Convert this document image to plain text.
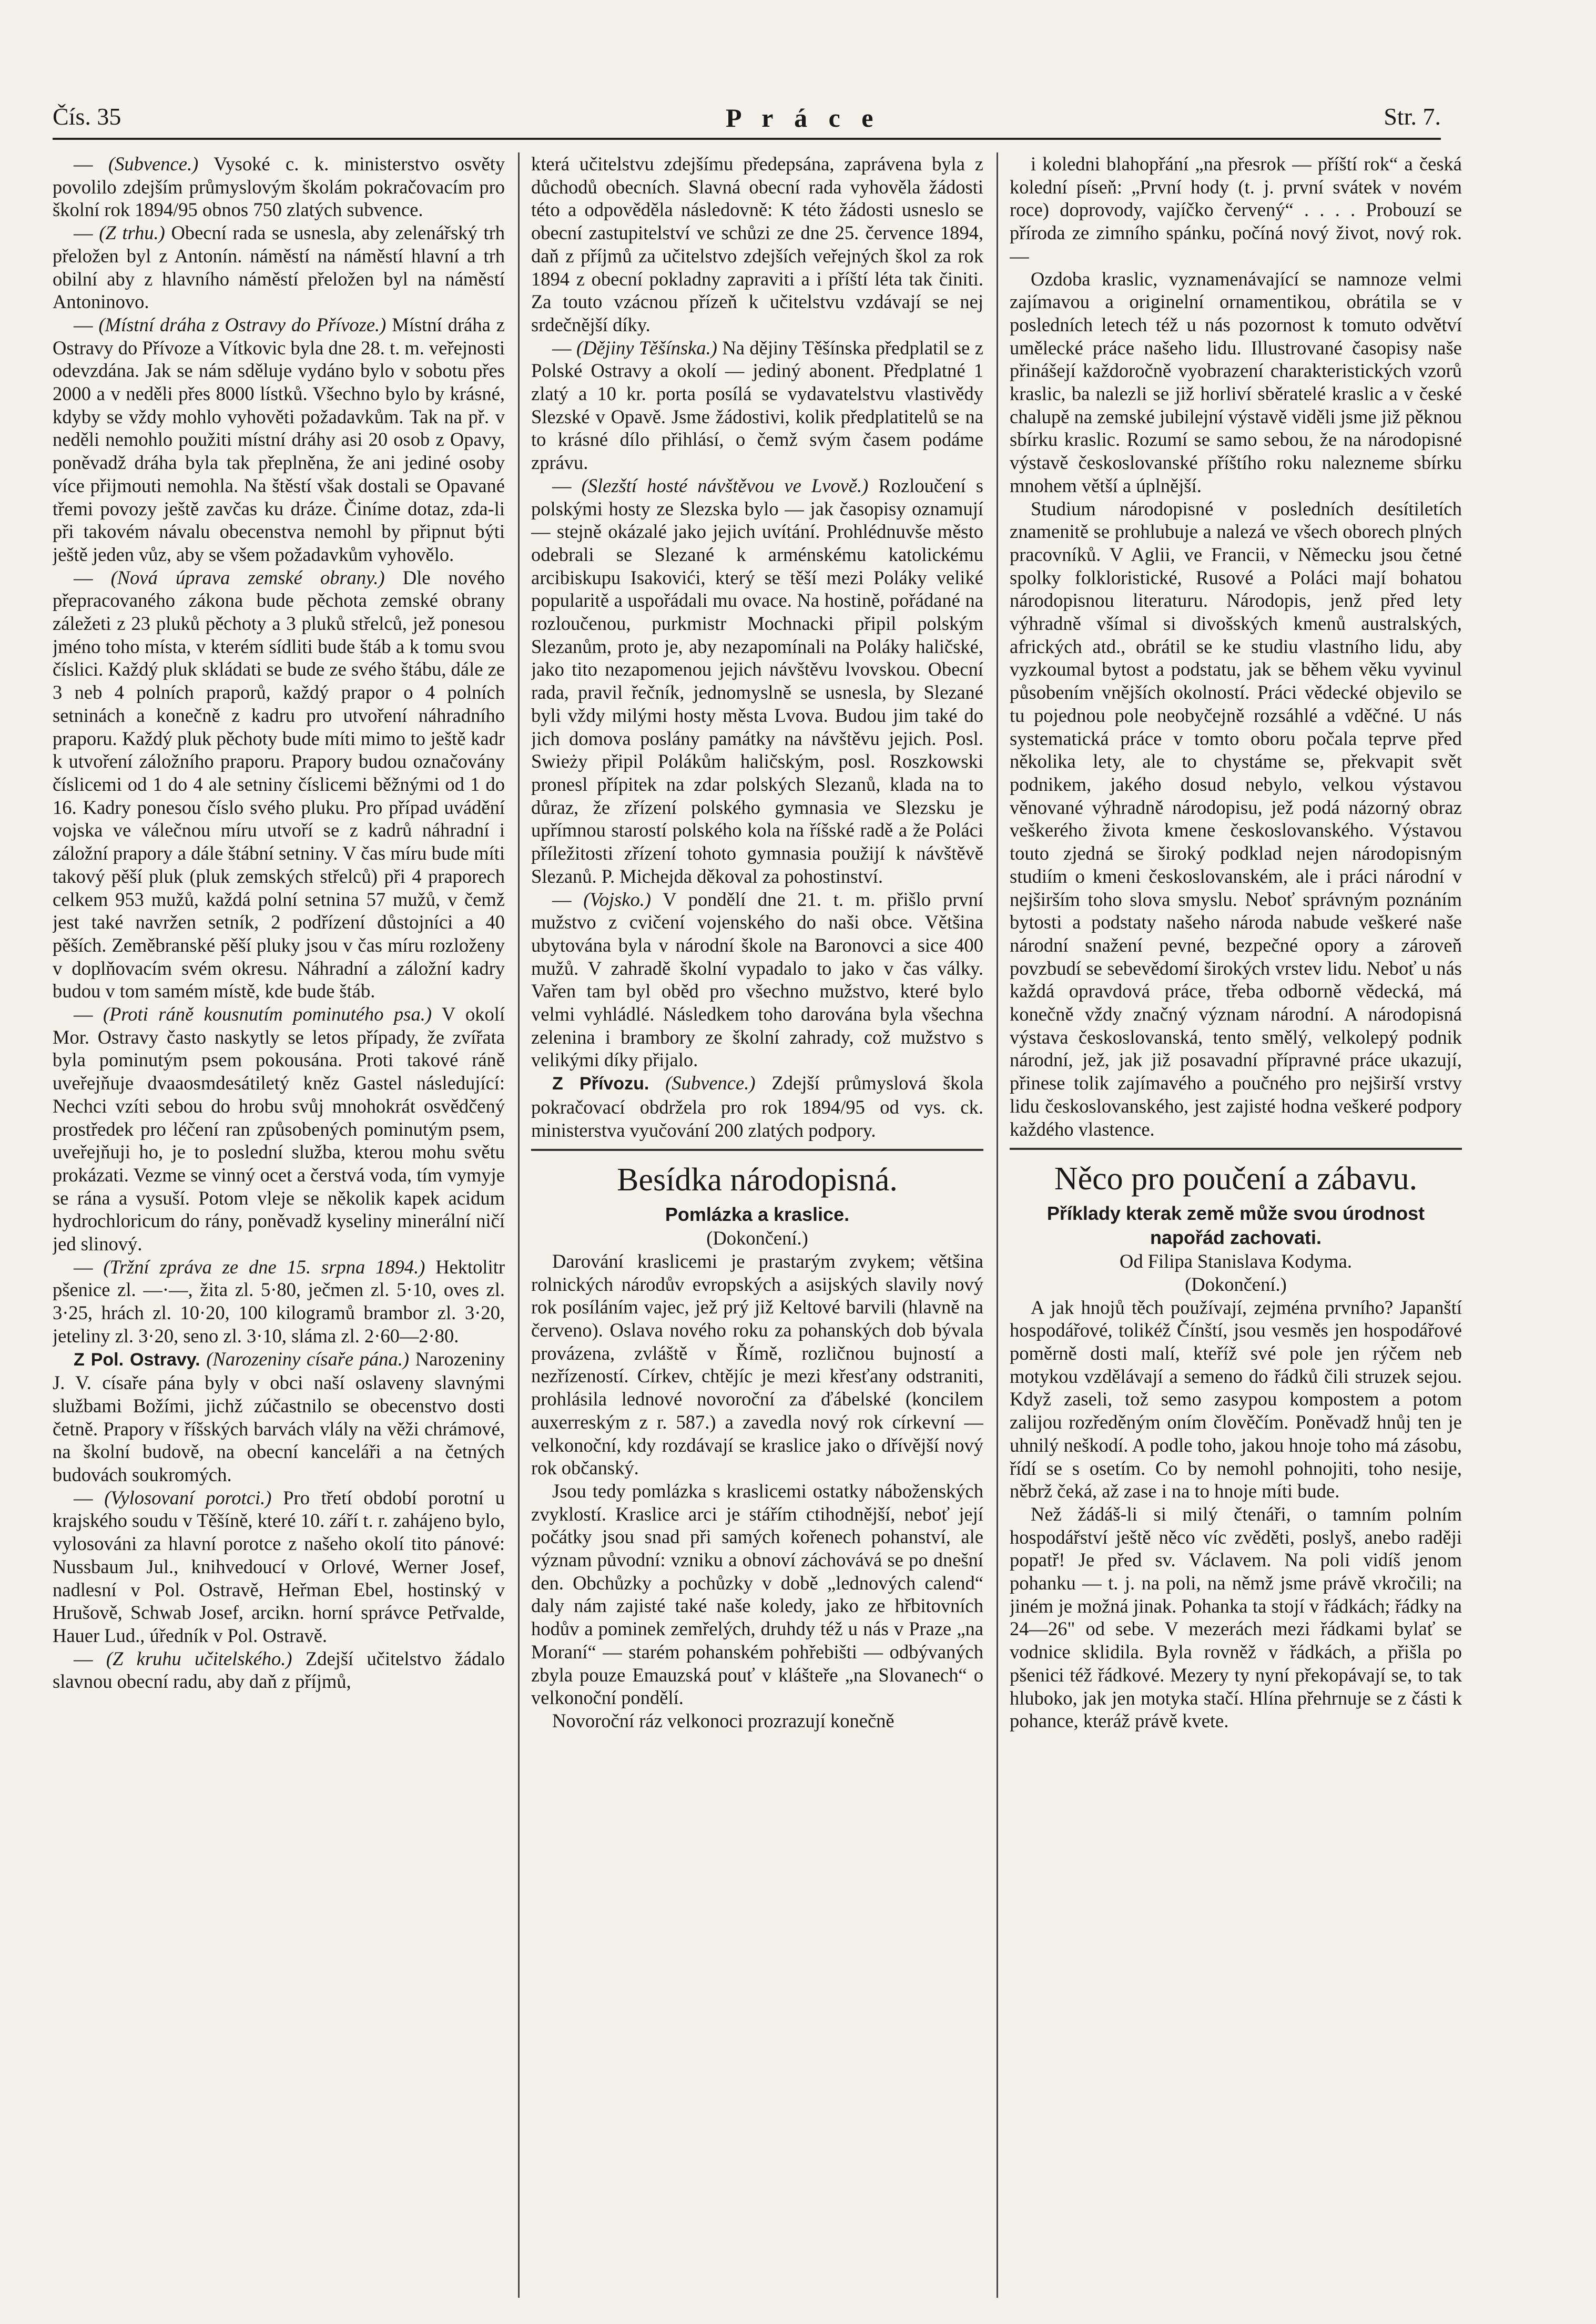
Čís. 35	P r á c e	Str. 7.

— (Subvence.) Vysoké c. k. ministerstvo osvěty povolilo zdejším průmyslovým školám pokračovacím pro školní rok 1894/95 obnos 750 zlatých subvence.

— (Z trhu.) Obecní rada se usnesla, aby zelenářský trh přeložen byl z Antonín. náměstí na náměstí hlavní a trh obilní aby z hlavního náměstí přeložen byl na náměstí Antoninovo.

— (Místní dráha z Ostravy do Přívoze.) Místní dráha z Ostravy do Přívoze a Vítkovic byla dne 28. t. m. veřejnosti odevzdána. Jak se nám sděluje vydáno bylo v sobotu přes 2000 a v neděli přes 8000 lístků. Všechno bylo by krásné, kdyby se vždy mohlo vyhověti požadavkům. Tak na př. v neděli nemohlo použiti místní dráhy asi 20 osob z Opavy, poněvadž dráha byla tak přeplněna, že ani jediné osoby více přijmouti nemohla. Na štěstí však dostali se Opavané třemi povozy ještě zavčas ku dráze. Činíme dotaz, zda-li při takovém návalu obecenstva nemohl by připnut býti ještě jeden vůz, aby se všem požadavkům vyhovělo.

— (Nová úprava zemské obrany.) Dle nového přepracovaného zákona bude pěchota zemské obrany záležeti z 23 pluků pěchoty a 3 pluků střelců, jež ponesou jméno toho místa, v kterém sídliti bude štáb a k tomu svou číslici. Každý pluk skládati se bude ze svého štábu, dále ze 3 neb 4 polních praporů, každý prapor o 4 polních setninách a konečně z kadru pro utvoření náhradního praporu. Každý pluk pěchoty bude míti mimo to ještě kadr k utvoření záložního praporu. Prapory budou označovány číslicemi od 1 do 4 ale setniny číslicemi běžnými od 1 do 16. Kadry ponesou číslo svého pluku. Pro případ uvádění vojska ve válečnou míru utvoří se z kadrů náhradní i záložní prapory a dále štábní setniny. V čas míru bude míti takový pěší pluk (pluk zemských střelců) při 4 praporech celkem 953 mužů, každá polní setnina 57 mužů, v čemž jest také navržen setník, 2 podřízení důstojníci a 40 pěších. Zeměbranské pěší pluky jsou v čas míru rozloženy v doplňovacím svém okresu. Náhradní a záložní kadry budou v tom samém místě, kde bude štáb.

— (Proti ráně kousnutím pominutého psa.) V okolí Mor. Ostravy často naskytly se letos případy, že zvířata byla pominutým psem pokousána. Proti takové ráně uveřejňuje dvaaosmdesátiletý kněz Gastel následující: Nechci vzíti sebou do hrobu svůj mnohokrát osvědčený prostředek pro léčení ran způsobených pominutým psem, uveřejňuji ho, je to poslední služba, kterou mohu světu prokázati. Vezme se vinný ocet a čerstvá voda, tím vymyje se rána a vysuší. Potom vleje se několik kapek acidum hydrochloricum do rány, poněvadž kyseliny minerální ničí jed slinový.

— (Tržní zpráva ze dne 15. srpna 1894.) Hektolitr pšenice zl. —·—, žita zl. 5·80, ječmen zl. 5·10, oves zl. 3·25, hrách zl. 10·20, 100 kilogramů brambor zl. 3·20, jeteliny zl. 3·20, seno zl. 3·10, sláma zl. 2·60—2·80.

Z Pol. Ostravy. (Narozeniny císaře pána.) Narozeniny J. V. císaře pána byly v obci naší oslaveny slavnými službami Božími, jichž zúčastnilo se obecenstvo dosti četně. Prapory v říšských barvách vlály na věži chrámové, na školní budově, na obecní kanceláři a na četných budovách soukromých.

— (Vylosovaní porotci.) Pro třetí období porotní u krajského soudu v Těšíně, které 10. září t. r. zahájeno bylo, vylosováni za hlavní porotce z našeho okolí tito pánové: Nussbaum Jul., knihvedoucí v Orlové, Werner Josef, nadlesní v Pol. Ostravě, Heřman Ebel, hostinský v Hrušově, Schwab Josef, arcikn. horní správce Petřvalde, Hauer Lud., úředník v Pol. Ostravě.

— (Z kruhu učitelského.) Zdejší učitelstvo žádalo slavnou obecní radu, aby daň z příjmů,

která učitelstvu zdejšímu předepsána, zaprávena byla z důchodů obecních. Slavná obecní rada vyhověla žádosti této a odpověděla následovně: K této žádosti usneslo se obecní zastupitelství ve schůzi ze dne 25. července 1894, daň z příjmů za učitelstvo zdejších veřejných škol za rok 1894 z obecní pokladny zapraviti a i příští léta tak činiti. Za touto vzácnou přízeň k učitelstvu vzdávají se nej srdečnější díky.

— (Dějiny Těšínska.) Na dějiny Těšínska předplatil se z Polské Ostravy a okolí — jediný abonent. Předplatné 1 zlatý a 10 kr. porta posílá se vydavatelstvu vlastivědy Slezské v Opavě. Jsme žádostivi, kolik předplatitelů se na to krásné dílo přihlásí, o čemž svým časem podáme zprávu.

— (Slezští hosté návštěvou ve Lvově.) Rozloučení s polskými hosty ze Slezska bylo — jak časopisy oznamují — stejně okázalé jako jejich uvítání. Prohlédnuvše město odebrali se Slezané k arménskému katolickému arcibiskupu Isakovići, který se těší mezi Poláky veliké popularitě a uspořádali mu ovace. Na hostině, pořádané na rozloučenou, purkmistr Mochnacki připil polským Slezanům, proto je, aby nezapomínali na Poláky haličské, jako tito nezapomenou jejich návštěvu lvovskou. Obecní rada, pravil řečník, jednomyslně se usnesla, by Slezané byli vždy milými hosty města Lvova. Budou jim také do jich domova poslány památky na návštěvu jejich. Posl. Swieży připil Polákům haličským, posl. Roszkowski pronesl přípitek na zdar polských Slezanů, klada na to důraz, že zřízení polského gymnasia ve Slezsku je upřímnou starostí polského kola na říšské radě a že Poláci příležitosti zřízení tohoto gymnasia použijí k návštěvě Slezanů. P. Michejda děkoval za pohostinství.

— (Vojsko.) V pondělí dne 21. t. m. přišlo první mužstvo z cvičení vojenského do naši obce. Většina ubytována byla v národní škole na Baronovci a sice 400 mužů. V zahradě školní vypadalo to jako v čas války. Vařen tam byl oběd pro všechno mužstvo, které bylo velmi vyhládlé. Následkem toho darována byla všechna zelenina i brambory ze školní zahrady, což mužstvo s velikými díky přijalo.

Z Přívozu. (Subvence.) Zdejší průmyslová škola pokračovací obdržela pro rok 1894/95 od vys. ck. ministerstva vyučování 200 zlatých podpory.

Besídka národopisná.
Pomlázka a kraslice.

(Dokončení.)

Darování kraslicemi je prastarým zvykem; většina rolnických národův evropských a asijských slavily nový rok posíláním vajec, jež prý již Keltové barvili (hlavně na červeno). Oslava nového roku za pohanských dob bývala provázena, zvláště v Římě, rozličnou bujností a nezřízeností. Církev, chtějíc je mezi křesťany odstraniti, prohlásila lednové novoroční za ďábelské (koncilem auxerreským z r. 587.) a zavedla nový rok církevní — velkonoční, kdy rozdávají se kraslice jako o dřívější nový rok občanský.

Jsou tedy pomlázka s kraslicemi ostatky náboženských zvyklostí. Kraslice arci je stářím ctihodnější, neboť její počátky jsou snad při samých kořenech pohanství, ale význam původní: vzniku a obnoví záchovává se po dnešní den. Obchůzky a pochůzky v době „lednových calend“ daly nám zajisté také naše koledy, jako ze hřbitovních hodův a pominek zemřelých, druhdy též u nás v Praze „na Moraní“ — starém pohanském pohřebišti — odbývaných zbyla pouze Emauzská pouť v klášteře „na Slovanech“ o velkonoční pondělí.

Novoroční ráz velkonoci prozrazují konečně

i koledni blahopřání „na přesrok — příští rok“ a česká kolední píseň: „První hody (t. j. první svátek v novém roce) doprovody, vajíčko červený“ . . . . Probouzí se příroda ze zimního spánku, počíná nový život, nový rok. —

Ozdoba kraslic, vyznamenávající se namnoze velmi zajímavou a originelní ornamentikou, obrátila se v posledních letech též u nás pozornost k tomuto odvětví umělecké práce našeho lidu. Illustrované časopisy naše přinášejí každoročně vyobrazení charakteristických vzorů kraslic, ba nalezli se již horliví sběratelé kraslic a v české chalupě na zemské jubilejní výstavě viděli jsme již pěknou sbírku kraslic. Rozumí se samo sebou, že na národopisné výstavě českoslovanské příštího roku nalezneme sbírku mnohem větší a úplnější.

Studium národopisné v posledních desítiletích znamenitě se prohlubuje a nalezá ve všech oborech plných pracovníků. V Aglii, ve Francii, v Německu jsou četné spolky folkloristické, Rusové a Poláci mají bohatou národopisnou literaturu. Národopis, jenž před lety výhradně všímal si divošských kmenů australských, afrických atd., obrátil se ke studiu vlastního lidu, aby vyzkoumal bytost a podstatu, jak se během věku vyvinul působením vnějších okolností. Práci vědecké objevilo se tu pojednou pole neobyčejně rozsáhlé a vděčné. U nás systematická práce v tomto oboru počala teprve před několika lety, ale to chystáme se, překvapit svět podnikem, jakého dosud nebylo, velkou výstavou věnované výhradně národopisu, jež podá názorný obraz veškerého života kmene českoslovanského. Výstavou touto zjedná se široký podklad nejen národopisným studiím o kmeni českoslovanském, ale i práci národní v nejširším toho slova smyslu. Neboť správným poznáním bytosti a podstaty našeho národa nabude veškeré naše národní snažení pevné, bezpečné opory a zároveň povzbudí se sebevědomí širokých vrstev lidu. Neboť u nás každá opravdová práce, třeba odborně vědecká, má konečně vždy značný význam národní. A národopisná výstava českoslovanská, tento smělý, velkolepý podnik národní, jež, jak již posavadní přípravné práce ukazují, přinese tolik zajímavého a poučného pro nejširší vrstvy lidu českoslovanského, jest zajisté hodna veškeré podpory každého vlastence.

Něco pro poučení a zábavu.
Příklady kterak země může svou úrodnost napořád zachovati.

Od Filipa Stanislava Kodyma.

(Dokončení.)

A jak hnojů těch používají, zejména prvního? Japanští hospodářové, tolikéž Čínští, jsou vesměs jen hospodářové poměrně dosti malí, kteříž své pole jen rýčem neb motykou vzdělávají a semeno do řádků čili struzek sejou. Když zaseli, tož semo zasypou kompostem a potom zalijou rozředěným oním člověčím. Poněvadž hnůj ten je uhnilý neškodí. A podle toho, jakou hnoje toho má zásobu, řídí se s osetím. Co by nemohl pohnojiti, toho nesije, něbrž čeká, až zase i na to hnoje míti bude.

Než žádáš-li si milý čtenáři, o tamním polním hospodářství ještě něco víc zvěděti, poslyš, anebo raději popatř! Je před sv. Václavem. Na poli vidíš jenom pohanku — t. j. na poli, na němž jsme právě vkročili; na jiném je možná jinak. Pohanka ta stojí v řádkách; řádky na 24—26" od sebe. V mezerách mezi řádkami bylať se vodnice sklidila. Byla rovněž v řádkách, a přišla po pšenici též řádkové. Mezery ty nyní překopávají se, to tak hluboko, jak jen motyka stačí. Hlína přehrnuje se z části k pohance, kteráž právě kvete.
